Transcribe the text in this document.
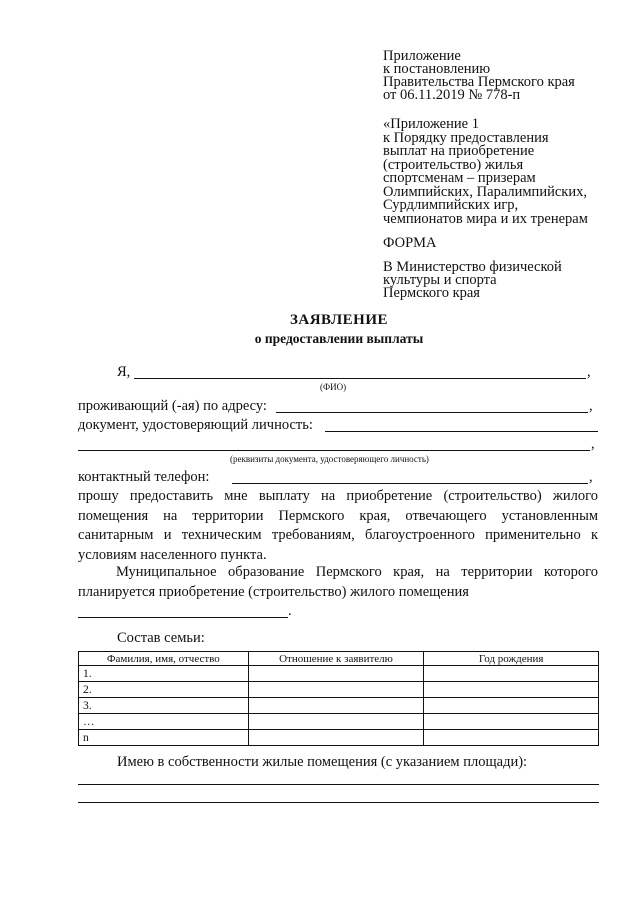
Приложение
к постановлению
Правительства Пермского края
от 06.11.2019 № 778-п
«Приложение 1
к Порядку предоставления
выплат на приобретение
(строительство) жилья
спортсменам – призерам
Олимпийских, Паралимпийских,
Сурдлимпийских игр,
чемпионатов мира и их тренерам
ФОРМА
В Министерство физической
культуры и спорта
Пермского края
ЗАЯВЛЕНИЕ
о предоставлении выплаты
Я,	,
(ФИО)
проживающий (-ая) по адресу:	,
документ, удостоверяющий личность:
,
(реквизиты документа, удостоверяющего личность)
контактный телефон:	,
прошу предоставить мне выплату на приобретение (строительство) жилого помещения на территории Пермского края, отвечающего установленным санитарным и техническим требованиям, благоустроенного применительно к условиям населенного пункта.
Муниципальное образование Пермского края, на территории которого планируется приобретение (строительство) жилого помещения
.
Состав семьи:
Фамилия, имя, отчество	Отношение к заявителю	Год рождения
1.		
2.		
3.		
…		
n		
Имею в собственности жилые помещения (с указанием площади):
